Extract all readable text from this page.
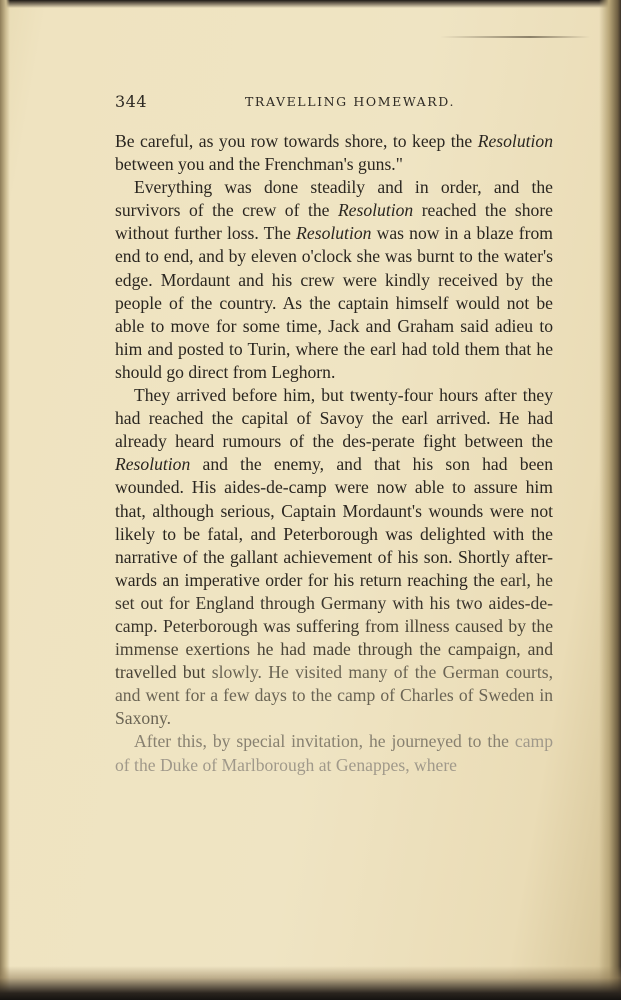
344	TRAVELLING HOMEWARD.

Be careful, as you row towards shore, to keep the Resolution between you and the Frenchman's guns."

Everything was done steadily and in order, and the survivors of the crew of the Resolution reached the shore without further loss. The Resolution was now in a blaze from end to end, and by eleven o'clock she was burnt to the water's edge. Mordaunt and his crew were kindly received by the people of the country. As the captain himself would not be able to move for some time, Jack and Graham said adieu to him and posted to Turin, where the earl had told them that he should go direct from Leghorn.

They arrived before him, but twenty-four hours after they had reached the capital of Savoy the earl arrived. He had already heard rumours of the des-perate fight between the Resolution and the enemy, and that his son had been wounded. His aides-de-camp were now able to assure him that, although serious, Captain Mordaunt's wounds were not likely to be fatal, and Peterborough was delighted with the narrative of the gallant achievement of his son. Shortly after-wards an imperative order for his return reaching the earl, he set out for England through Germany with his two aides-de-camp. Peterborough was suffering from illness caused by the immense exertions he had made through the campaign, and travelled but slowly. He visited many of the German courts, and went for a few days to the camp of Charles of Sweden in Saxony.

After this, by special invitation, he journeyed to the camp of the Duke of Marlborough at Genappes, where
